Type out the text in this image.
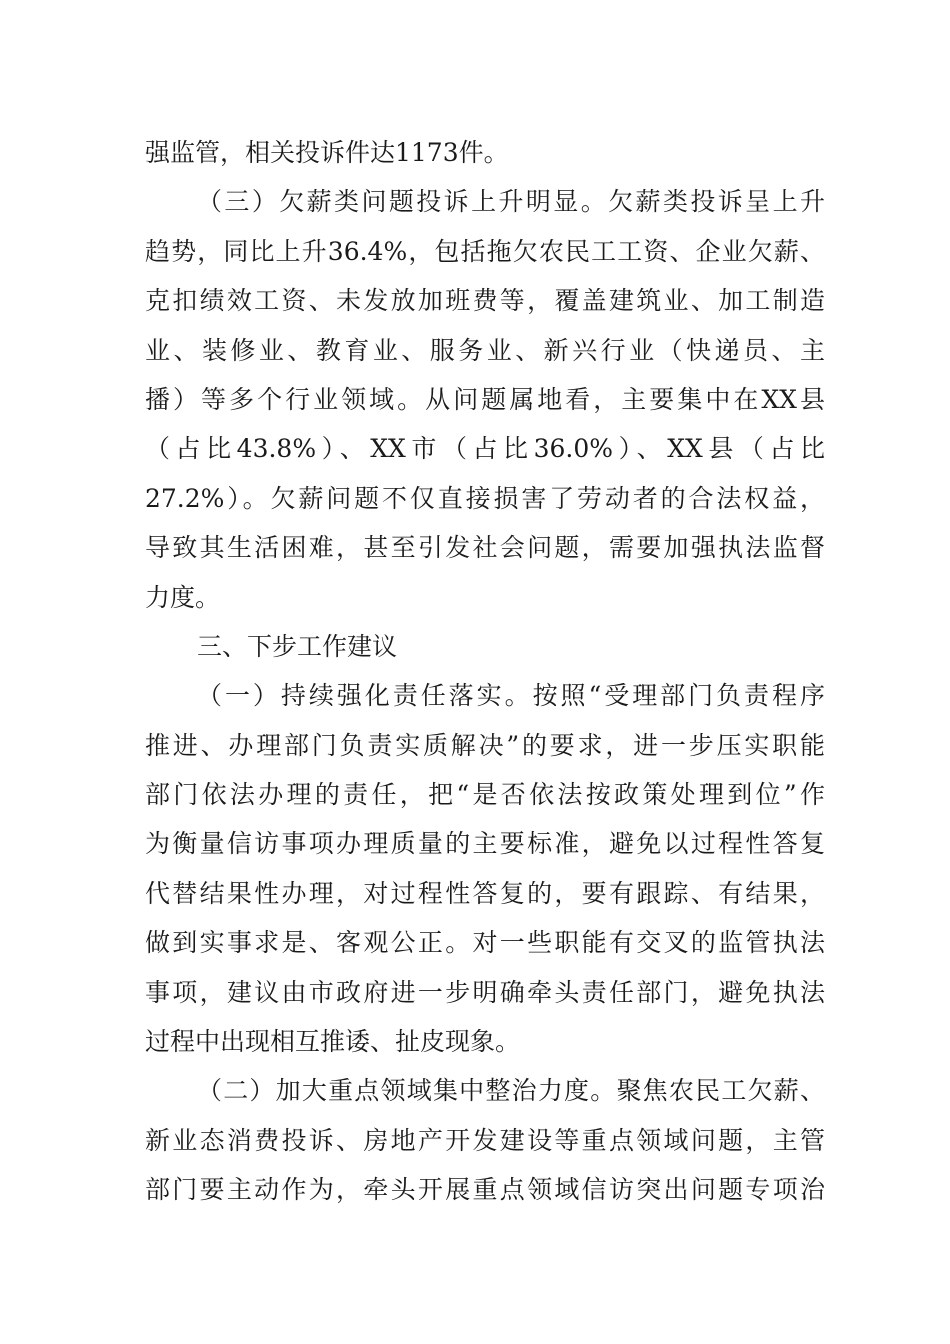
强监管，相关投诉件达1173件。
（三）欠薪类问题投诉上升明显。欠薪类投诉呈上升
趋势，同比上升36.4%，包括拖欠农民工工资、企业欠薪、
克扣绩效工资、未发放加班费等，覆盖建筑业、加工制造
业、装修业、教育业、服务业、新兴行业（快递员、主
播）等多个行业领域。从问题属地看，主要集中在XX县
（占比43.8%）、XX市（占比36.0%）、XX县（占比
27.2%）。欠薪问题不仅直接损害了劳动者的合法权益，
导致其生活困难，甚至引发社会问题，需要加强执法监督
力度。
三、下步工作建议
（一）持续强化责任落实。按照“受理部门负责程序
推进、办理部门负责实质解决”的要求，进一步压实职能
部门依法办理的责任，把“是否依法按政策处理到位”作
为衡量信访事项办理质量的主要标准，避免以过程性答复
代替结果性办理，对过程性答复的，要有跟踪、有结果，
做到实事求是、客观公正。对一些职能有交叉的监管执法
事项，建议由市政府进一步明确牵头责任部门，避免执法
过程中出现相互推诿、扯皮现象。
（二）加大重点领域集中整治力度。聚焦农民工欠薪、
新业态消费投诉、房地产开发建设等重点领域问题，主管
部门要主动作为，牵头开展重点领域信访突出问题专项治
